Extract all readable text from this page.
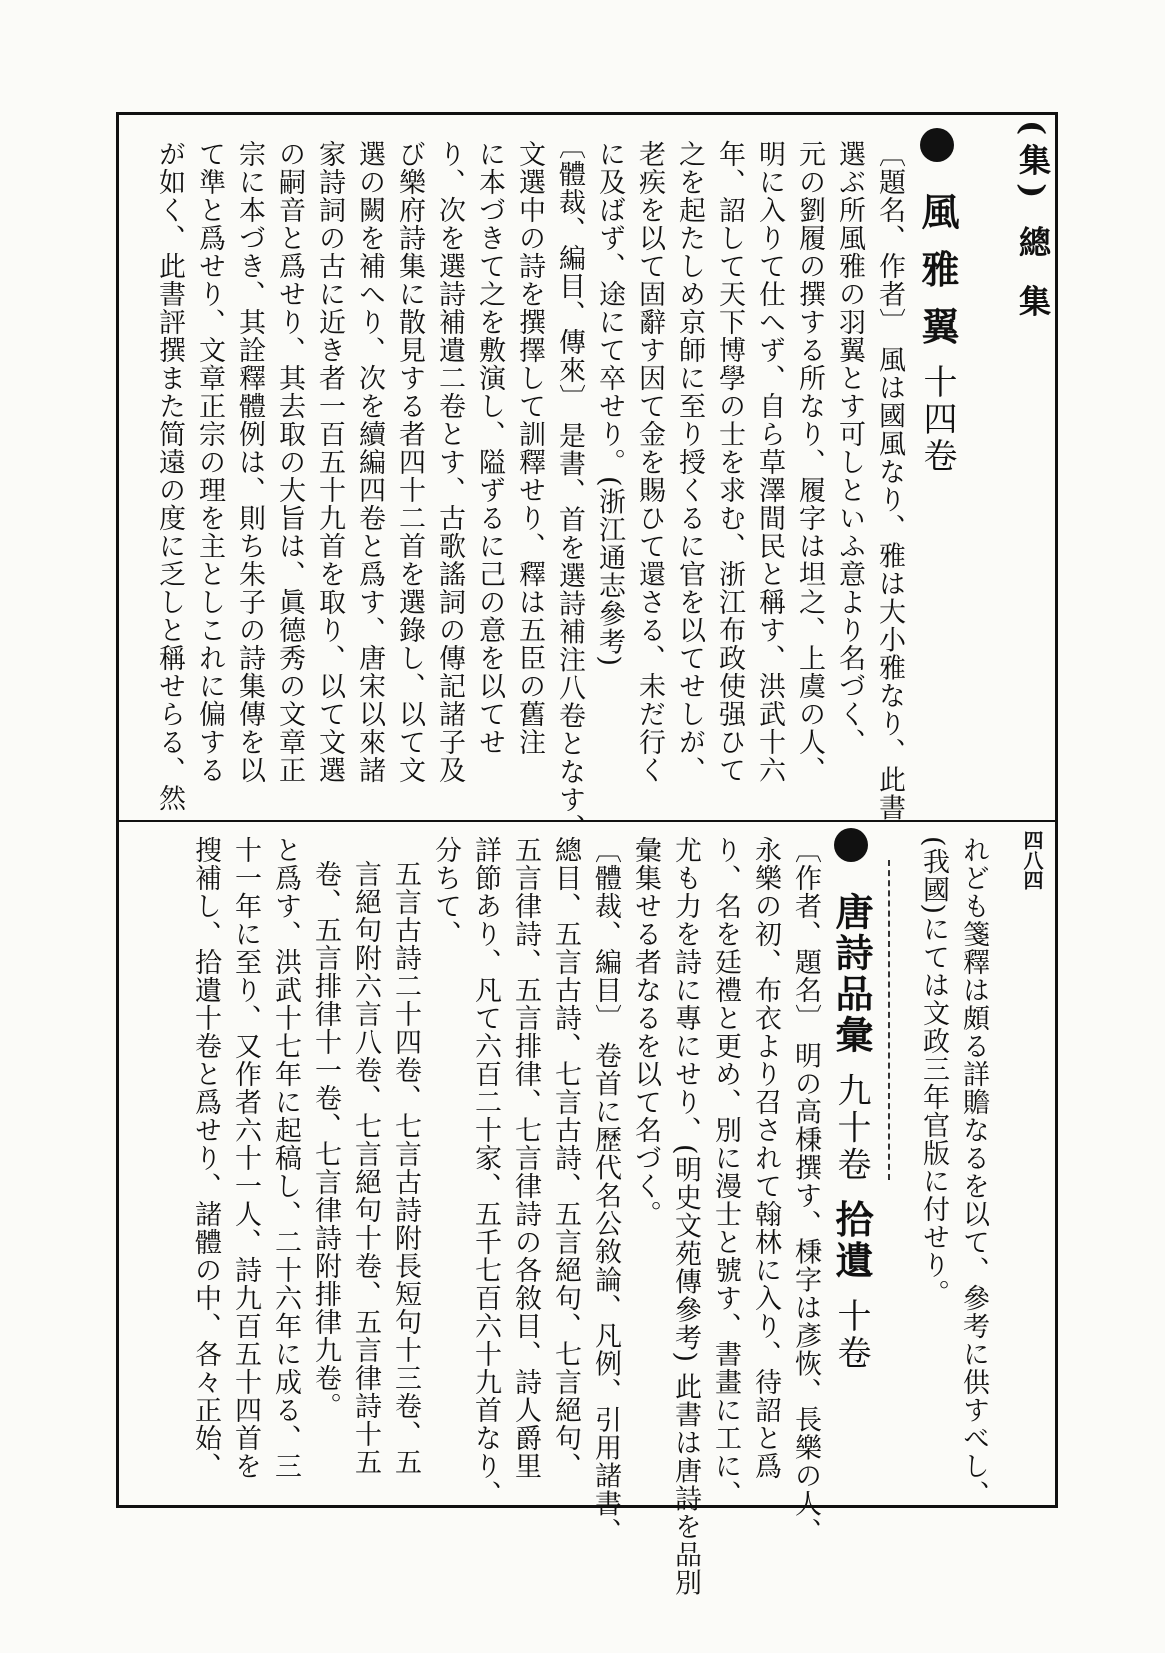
(集) 總 集
四八四
風 雅 翼 十四卷
〔題名、作者〕 風は國風なり、雅は大小雅なり、此書
選ぶ所風雅の羽翼とす可しといふ意より名づく、
元の劉履の撰する所なり、履字は坦之、上虞の人、
明に入りて仕へず、自ら草澤間民と稱す、洪武十六
年、詔して天下博學の士を求む、浙江布政使强ひて
之を起たしめ京師に至り授くるに官を以てせしが、
老疾を以て固辭す因て金を賜ひて還さる、未だ行く
に及ばず、途にて卒せり。(浙江通志參考)
〔體裁、編目、傳來〕 是書、首を選詩補注八卷となす、
文選中の詩を撰擇して訓釋せり、釋は五臣の舊注
に本づきて之を敷演し、隘ずるに己の意を以てせ
り、次を選詩補遺二卷とす、古歌謠詞の傳記諸子及
び樂府詩集に散見する者四十二首を選錄し、以て文
選の闕を補へり、次を續編四卷と爲す、唐宋以來諸
家詩詞の古に近き者一百五十九首を取り、以て文選
の嗣音と爲せり、其去取の大旨は、眞德秀の文章正
宗に本づき、其詮釋體例は、則ち朱子の詩集傳を以
て準と爲せり、文章正宗の理を主としこれに偏する
が如く、此書評撰また简遠の度に乏しと稱せらる、然
れども箋釋は頗る詳贍なるを以て、參考に供すべし、
(我國)にては文政三年官版に付せり。
唐詩品彙 九十卷 拾遺 十卷
〔作者、題名〕 明の高棅撰す、棅字は彥恢、長樂の人、
永樂の初、布衣より召されて翰林に入り、待詔と爲
り、名を廷禮と更め、別に漫士と號す、書畫に工に、
尤も力を詩に專にせり、(明史文苑傳參考) 此書は唐詩を品別
彙集せる者なるを以て名づく。
〔體裁、編目〕 卷首に歷代名公敘論、凡例、引用諸書、
總目、五言古詩、七言古詩、五言絕句、七言絕句、
五言律詩、五言排律、七言律詩の各敘目、詩人爵里
詳節あり、凡て六百二十家、五千七百六十九首なり、
分ちて、
五言古詩二十四卷、七言古詩附長短句十三卷、五
言絕句附六言八卷、七言絕句十卷、五言律詩十五
卷、五言排律十一卷、七言律詩附排律九卷。
と爲す、洪武十七年に起稿し、二十六年に成る、三
十一年に至り、又作者六十一人、詩九百五十四首を
搜補し、拾遺十卷と爲せり、諸體の中、各々正始、
